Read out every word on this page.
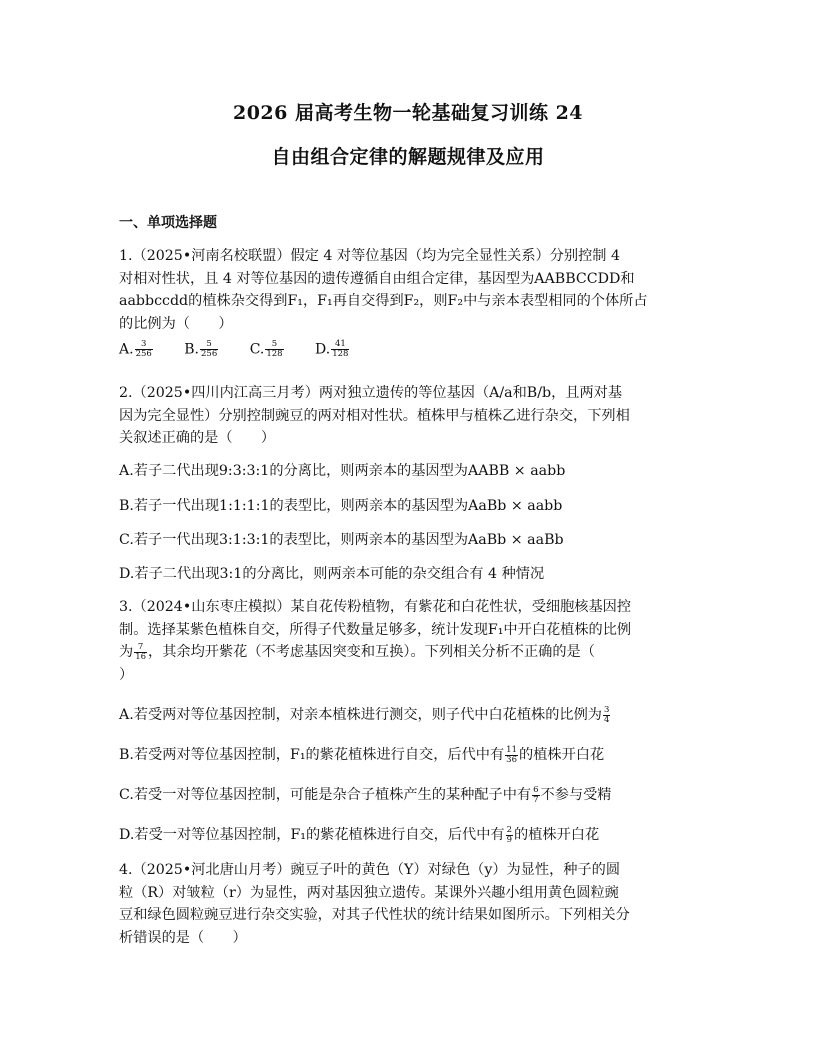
2026 届高考生物一轮基础复习训练 24
自由组合定律的解题规律及应用
一、单项选择题
1.（2025•河南名校联盟）假定 4 对等位基因（均为完全显性关系）分别控制 4
对相对性状，且 4 对等位基因的遗传遵循自由组合定律，基因型为AABBCCDD和
aabbccdd的植株杂交得到F₁，F₁再自交得到F₂，则F₂中与亲本表型相同的个体所占
的比例为（　　）
A. $\frac{3}{256} B$. $\frac{5}{256} C$. $\frac{5}{128} D$. $\frac{41}{128}$
2.（2025•四川内江高三月考）两对独立遗传的等位基因（A/a和B/b，且两对基
因为完全显性）分别控制豌豆的两对相对性状。植株甲与植株乙进行杂交，下列相
关叙述正确的是（　　）
A.若子二代出现9:3:3:1的分离比，则两亲本的基因型为AABB × aabb
B.若子一代出现1:1:1:1的表型比，则两亲本的基因型为AaBb × aabb
C.若子一代出现3:1:3:1的表型比，则两亲本的基因型为AaBb × aaBb
D.若子二代出现3:1的分离比，则两亲本可能的杂交组合有 4 种情况
3.（2024•山东枣庄模拟）某自花传粉植物，有紫花和白花性状，受细胞核基因控
制。选择某紫色植株自交，所得子代数量足够多，统计发现F₁中开白花植株的比例
为 $\frac{7}{16}$ ，其余均开紫花（不考虑基因突变和互换）。下列相关分析不正确的是（
）
A.若受两对等位基因控制，对亲本植株进行测交，则子代中白花植株的比例为 $\frac{3}{4}$
B.若受两对等位基因控制，F₁的紫花植株进行自交，后代中有 $\frac{11}{36}$ 的植株开白花
C.若受一对等位基因控制，可能是杂合子植株产生的某种配子中有 $\frac{6}{7}$ 不参与受精
D.若受一对等位基因控制，F₁的紫花植株进行自交，后代中有 $\frac{2}{9}$ 的植株开白花
4.（2025•河北唐山月考）豌豆子叶的黄色（Y）对绿色（y）为显性，种子的圆
粒（R）对皱粒（r）为显性，两对基因独立遗传。某课外兴趣小组用黄色圆粒豌
豆和绿色圆粒豌豆进行杂交实验，对其子代性状的统计结果如图所示。下列相关分
析错误的是（　　）
